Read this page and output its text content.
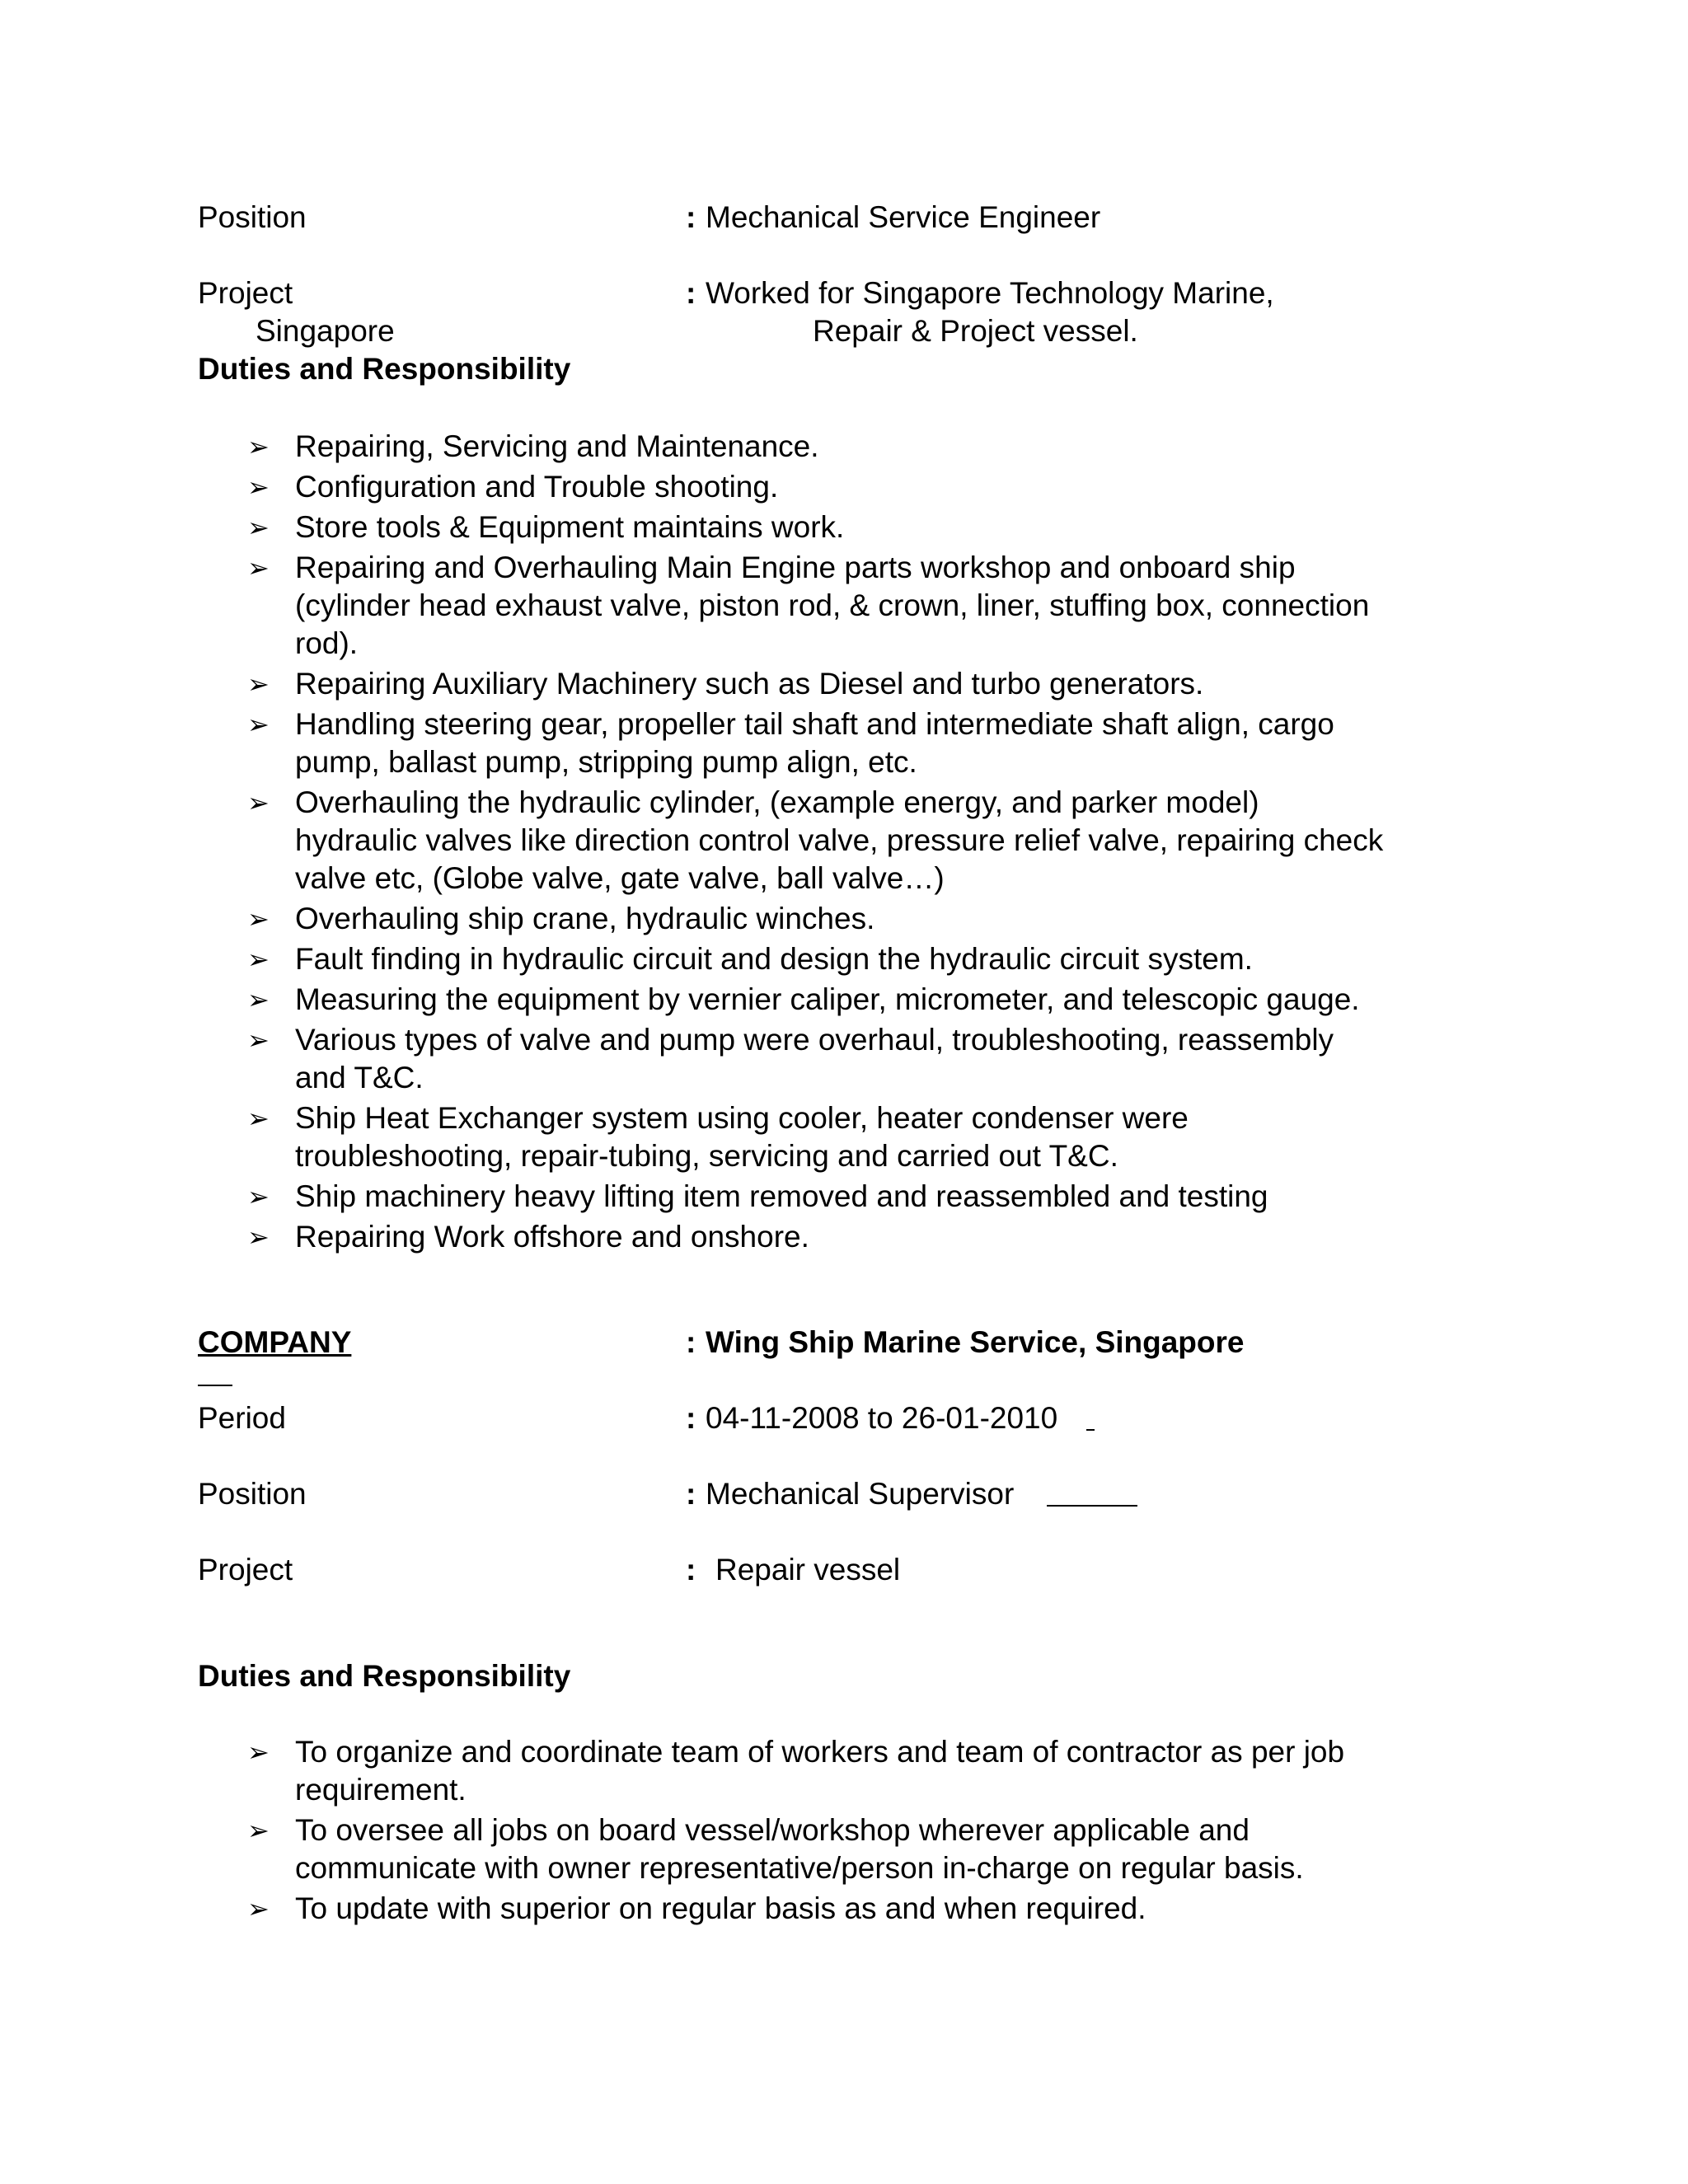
Position	: Mechanical Service Engineer
Project	: Worked for Singapore Technology Marine,
Singapore	Repair & Project vessel.
Duties and Responsibility
➢ Repairing, Servicing and Maintenance.
➢ Configuration and Trouble shooting.
➢ Store tools & Equipment maintains work.
➢ Repairing and Overhauling Main Engine parts workshop and onboard ship
(cylinder head exhaust valve, piston rod, & crown, liner, stuffing box, connection
rod).
➢ Repairing Auxiliary Machinery such as Diesel and turbo generators.
➢ Handling steering gear, propeller tail shaft and intermediate shaft align, cargo
pump, ballast pump, stripping pump align, etc.
➢ Overhauling the hydraulic cylinder, (example energy, and parker model)
hydraulic valves like direction control valve, pressure relief valve, repairing check
valve etc, (Globe valve, gate valve, ball valve…)
➢ Overhauling ship crane, hydraulic winches.
➢ Fault finding in hydraulic circuit and design the hydraulic circuit system.
➢ Measuring the equipment by vernier caliper, micrometer, and telescopic gauge.
➢ Various types of valve and pump were overhaul, troubleshooting, reassembly
and T&C.
➢ Ship Heat Exchanger system using cooler, heater condenser were
troubleshooting, repair-tubing, servicing and carried out T&C.
➢ Ship machinery heavy lifting item removed and reassembled and testing
➢ Repairing Work offshore and onshore.
COMPANY	: Wing Ship Marine Service, Singapore
Period	: 04-11-2008 to 26-01-2010
Position	: Mechanical Supervisor
Project	: Repair vessel
Duties and Responsibility
➢ To organize and coordinate team of workers and team of contractor as per job
requirement.
➢ To oversee all jobs on board vessel/workshop wherever applicable and
communicate with owner representative/person in-charge on regular basis.
➢ To update with superior on regular basis as and when required.
